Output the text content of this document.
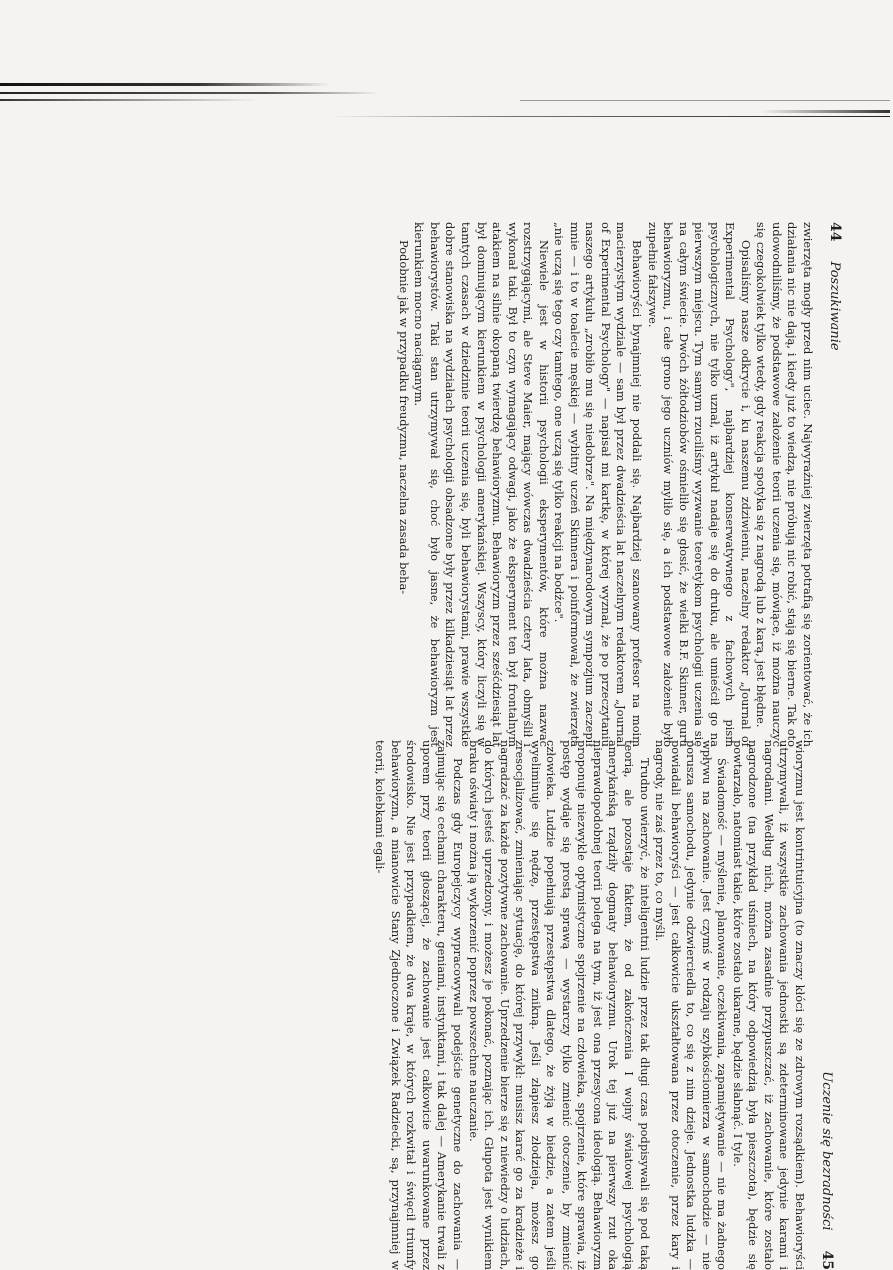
44
Poszukiwanie

zwierzęta mogły przed nim uciec. Najwyraźniej zwierzęta potrafią się zorientować, że ich działania nic nie dają, i kiedy już to wiedzą, nie próbują nic robić, stają się bierne. Tak oto udowodniliśmy, że podstawowe założenie teorii uczenia się, mówiące, iż można nauczyć się czegokolwiek tylko wtedy, gdy reakcja spotyka się z nagrodą lub z karą, jest błędne.

Opisaliśmy nasze odkrycie i, ku naszemu zdziwieniu, naczelny redaktor „Journal of Experimental Psychology", najbardziej konserwatywnego z fachowych pism psychologicznych, nie tylko uznał, iż artykuł nadaje się do druku, ale umieścił go na pierwszym miejscu. Tym samym rzuciliśmy wyzwanie teoretykom psychologii uczenia się na całym świecie. Dwóch żółtodziobów ośmieliło się głosić, że wielki B.F. Skinner, guru behawioryzmu, i całe grono jego uczniów myliło się, a ich podstawowe założenie było zupełnie fałszywe.

Behawioryści bynajmniej nie poddali się. Najbardziej szanowany profesor na moim macierzystym wydziale — sam był przez dwadzieścia lat naczelnym redaktorem „Journal of Experimental Psychology" — napisał mi kartkę, w której wyznał, że po przeczytaniu naszego artykułu „zrobiło mu się niedobrze". Na międzynarodowym sympozjum zaczepił mnie — i to w toalecie męskiej — wybitny uczeń Skinnera i poinformował, że zwierzęta „nie uczą się tego czy tamtego, one uczą się tylko reakcji na bodźce".

Niewiele jest w historii psychologii eksperymentów, które można nazwać rozstrzygającymi, ale Steve Maier, mający wówczas dwadzieścia cztery lata, obmyślił i wykonał taki. Był to czyn wymagający odwagi, jako że eksperyment ten był frontalnym atakiem na silnie okopaną twierdzę behawioryzmu. Behawioryzm przez sześćdziesiąt lat był dominującym kierunkiem w psychologii amerykańskiej. Wszyscy, który liczyli się w tamtych czasach w dziedzinie teorii uczenia się, byli behawiorystami, prawie wszystkie dobre stanowiska na wydziałach psychologii obsadzone były przez kilkadziesiąt lat przez behawiorystów. Taki stan utrzymywał się, choć było jasne, że behawioryzm jest kierunkiem mocno naciąganym.

Podobnie jak w przypadku freudyzmu, naczelna zasada beha-

Uczenie się bezradności
45

wioryzmu jest kontrintuicyjna (to znaczy kłóci się ze zdrowym rozsądkiem). Behawioryści utrzymywali, iż wszystkie zachowania jednostki są zdeterminowane jedynie karami i nagrodami. Według nich, można zasadnie przypuszczać, iż zachowanie, które zostało nagrodzone (na przykład uśmiech, na który odpowiedzią była pieszczota), będzie się powtarzało, natomiast takie, które zostało ukarane, będzie słabnąć. I tyle.

Świadomość — myślenie, planowanie, oczekiwania, zapamiętywanie — nie ma żadnego wpływu na zachowanie. Jest czymś w rodzaju szybkościomierza w samochodzie — nie porusza samochodu, jedynie odzwierciedla to, co się z nim dzieje. Jednostka ludzka — powiadali behawioryści — jest całkowicie ukształtowana przez otoczenie, przez kary i nagrody, nie zaś przez to, co myśli.

Trudno uwierzyć, że inteligentni ludzie przez tak długi czas podpisywali się pod taką teorią, ale pozostaje faktem, że od zakończenia I wojny światowej psychologią amerykańską rządziły dogmaty behawioryzmu. Urok tej już na pierwszy rzut oka nieprawdopodobnej teorii polega na tym, iż jest ona przesycona ideologią. Behawioryzm proponuje niezwykle optymistyczne spojrzenie na człowieka, spojrzenie, które sprawia, iż postęp wydaje się prostą sprawą — wystarczy tylko zmienić otoczenie, by zmienić człowieka. Ludzie popełniają przestępstwa dlatego, że żyją w biedzie, a zatem jeśli wyeliminuje się nędzę, przestępstwa znikną. Jeśli złapiesz złodzieja, możesz go zresocjalizować, zmieniając sytuację, do której przywykł: musisz karać go za kradzieże i nagradzać za każde pozytywne zachowanie. Uprzedzenie bierze się z niewiedzy o ludziach, do których jesteś uprzedzony, i możesz je pokonać, poznając ich. Głupota jest wynikiem braku oświaty i można ją wykorzenić poprzez powszechne nauczanie.

Podczas gdy Europejczycy wypracowywali podejście genetyczne do zachowania — zajmując się cechami charakteru, geniami, instynktami, i tak dalej — Amerykanie trwali z uporem przy teorii głoszącej, że zachowanie jest całkowicie uwarunkowane przez środowisko. Nie jest przypadkiem, że dwa kraje, w których rozkwitał i święcił triumfy behawioryzm, a mianowicie Stany Zjednoczone i Związek Radziecki, są, przynajmniej w teorii, kolebkami egali-
